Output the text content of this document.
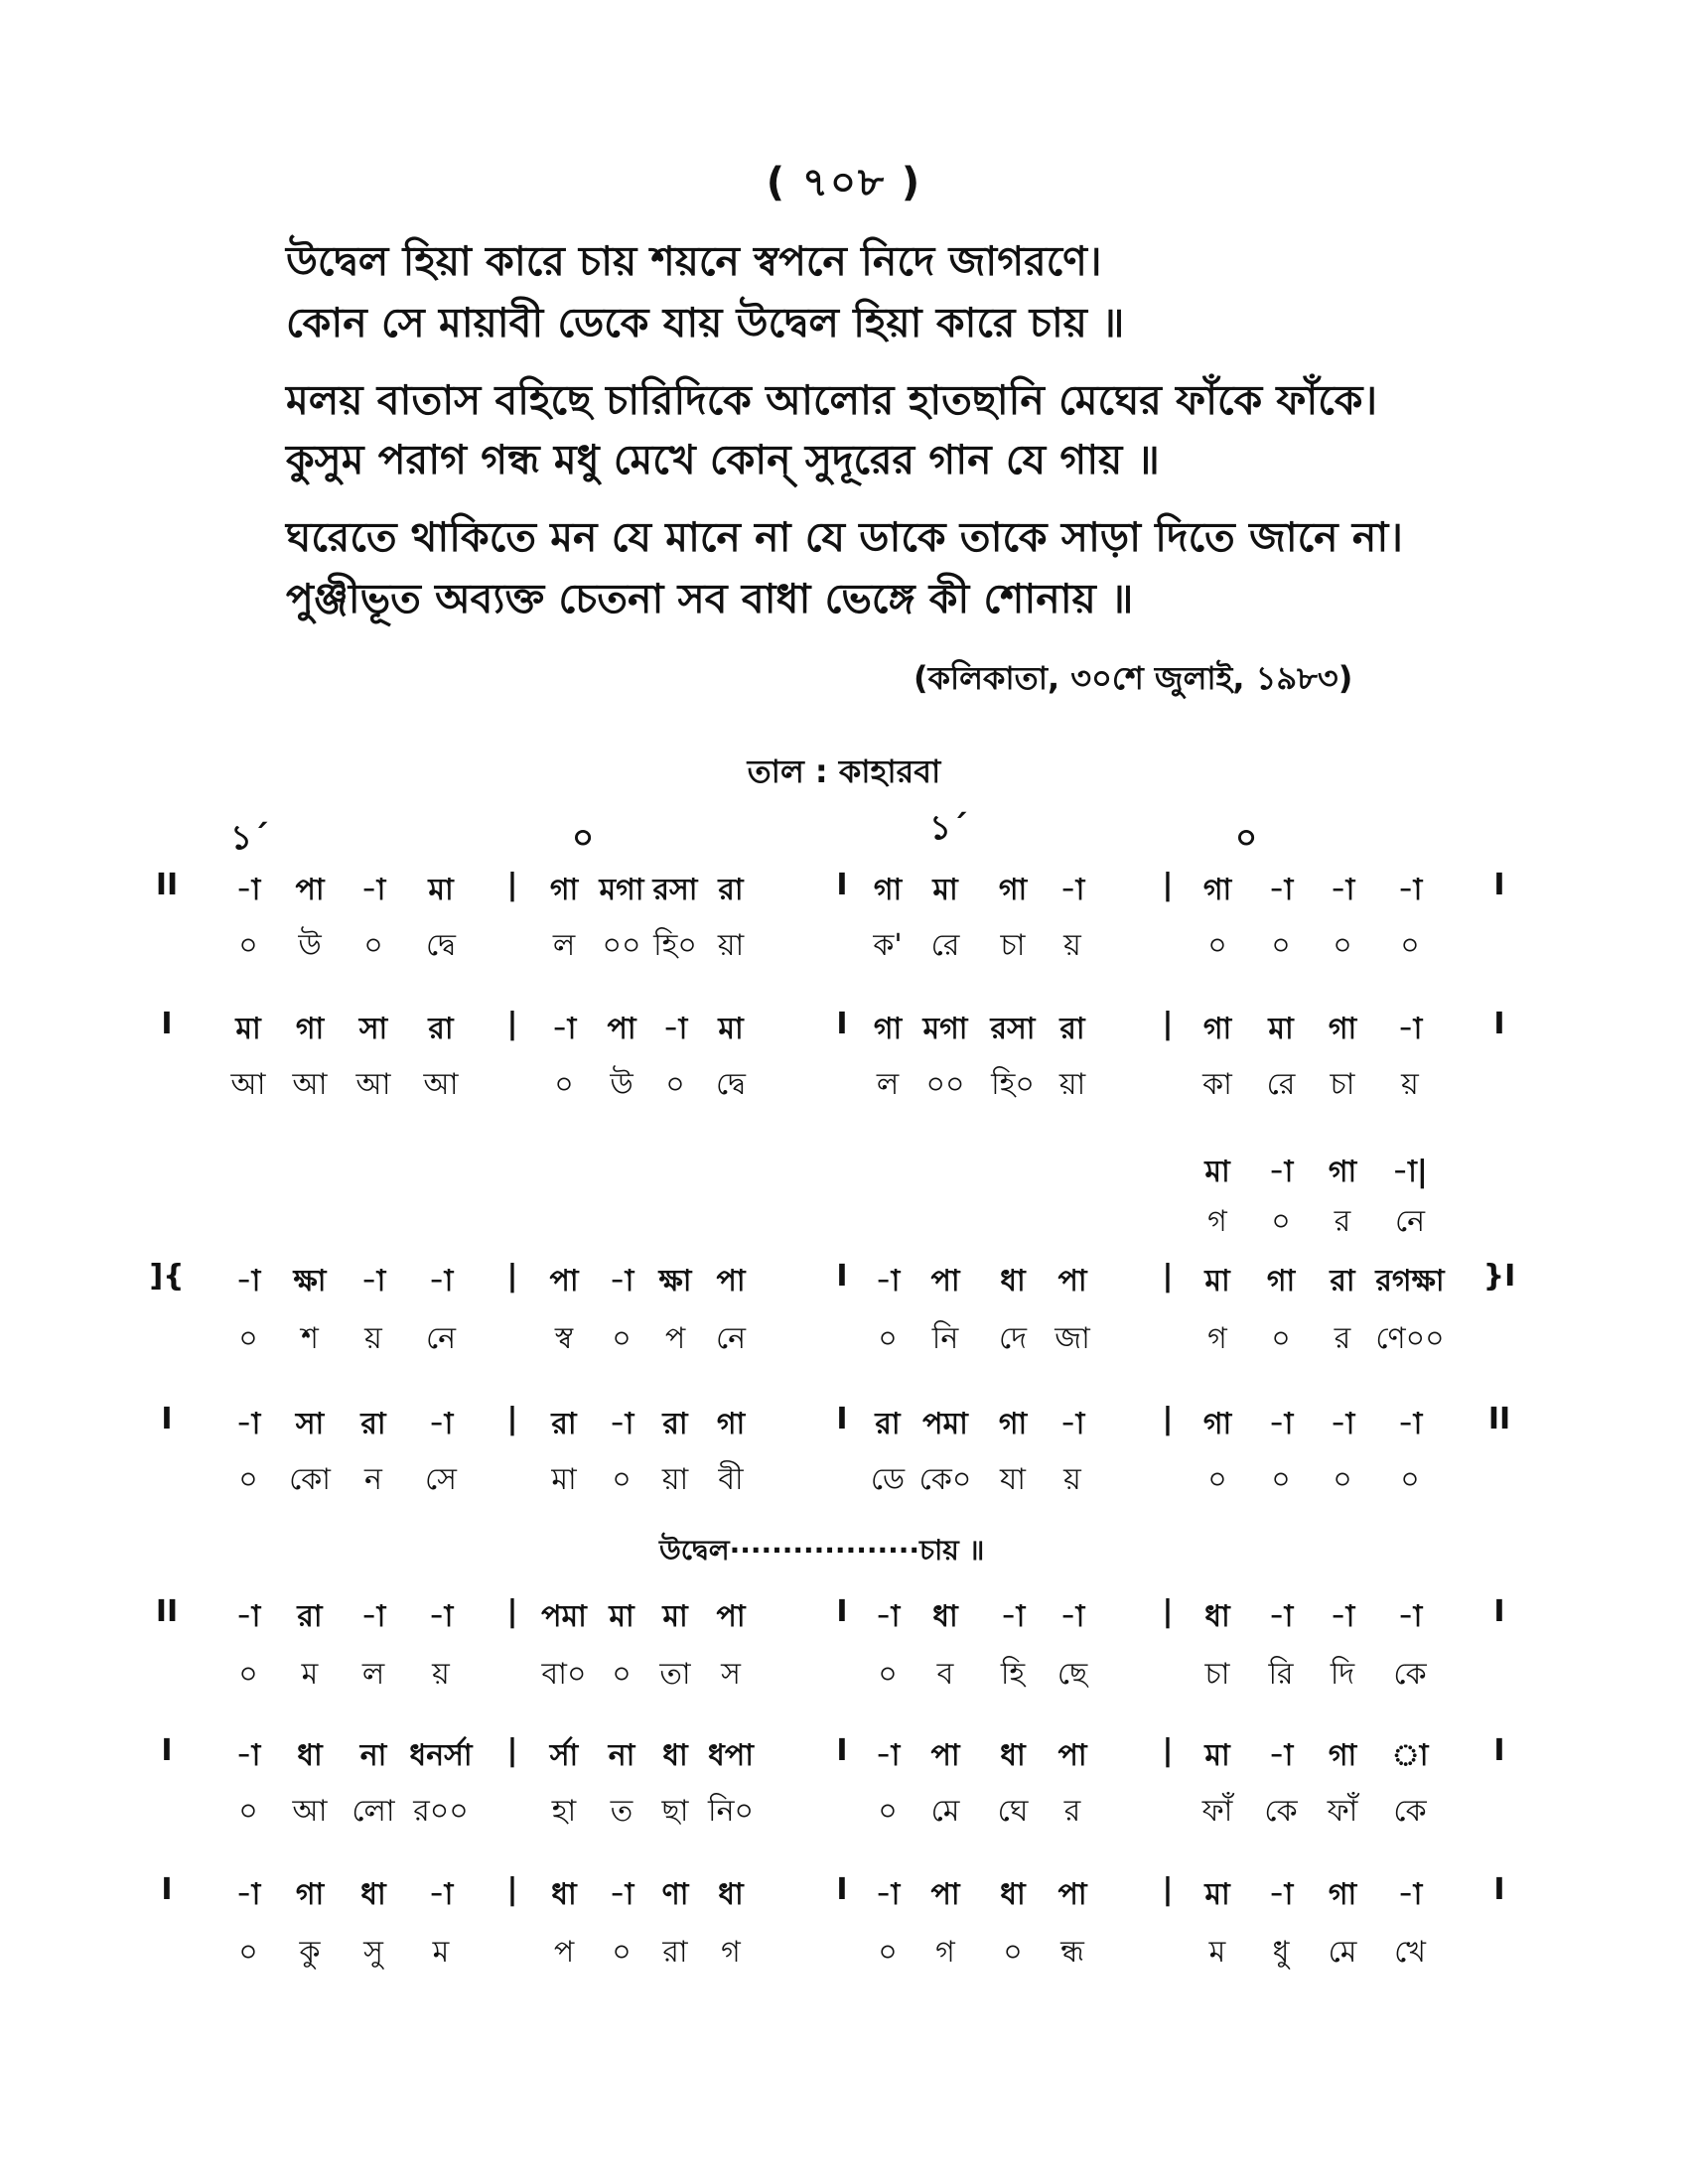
( ৭০৮ )
উদ্বেল হিয়া কারে চায় শয়নে স্বপনে নিদে জাগরণে।
কোন সে মায়াবী ডেকে যায় উদ্বেল হিয়া কারে চায় ॥
মলয় বাতাস বহিছে চারিদিকে আলোর হাতছানি মেঘের ফাঁকে ফাঁকে।
কুসুম পরাগ গন্ধ মধু মেখে কোন্ সুদূরের গান যে গায় ॥
ঘরেতে থাকিতে মন যে মানে না যে ডাকে তাকে সাড়া দিতে জানে না।
পুঞ্জীভূত অব্যক্ত চেতনা সব বাধা ভেঙ্গে কী শোনায় ॥
(কলিকাতা, ৩০শে জুলাই, ১৯৮৩)
তাল : কাহারবা
১´	০	১´	০
II	I
|	I	|
-া পা -া মা	গা মগা রসা রা	গা মা গা -া	গা -া -া -া
০ উ ০ দ্বে	ল ০০ হি০ য়া	ক' রে চা য়	০ ০ ০ ০
I	I
|	I	|
মা গা সা রা	-া পা -া মা	গা মগা রসা রা	গা মা গা -া
আ আ আ আ	০ উ ০ দ্বে	ল ০০ হি০ য়া	কা রে চা য়
মা -া গা -া|
গ ০ র নে
]{	}I
|	I	|
-া ক্ষা -া -া	পা -া ক্ষা পা	-া পা ধা পা	মা গা রা রগক্ষা
০ শ য় নে	স্ব ০ প নে	০ নি দে জা	গ ০ র ণে০০
I	II
|	I	|
-া সা রা -া	রা -া রা গা	রা পমা গা -া	গা -া -া -া
০ কো ন সে	মা ০ য়া বী	ডে কে০ যা য়	০ ০ ০ ০
II	I
|	I	|
-া রা -া -া	পমা মা মা পা	-া ধা -া -া	ধা -া -া -া
০ ম ল য়	বা০ ০ তা স	০ ব হি ছে	চা রি দি কে
I	I
|	I	|
-া ধা না ধনর্সা	র্সা না ধা ধপা	-া পা ধা পা	মা -া গা া
০ আ লো র০০	হা ত ছা নি০	০ মে ঘে র	ফাঁ কে ফাঁ কে
I	I
|	I	|
-া গা ধা -া	ধা -া ণা ধা	-া পা ধা পা	মা -া গা -া
০ কু সু ম	প ০ রা গ	০ গ ০ ন্ধ	ম ধু মে খে
উদ্বেল··················চায় ॥
